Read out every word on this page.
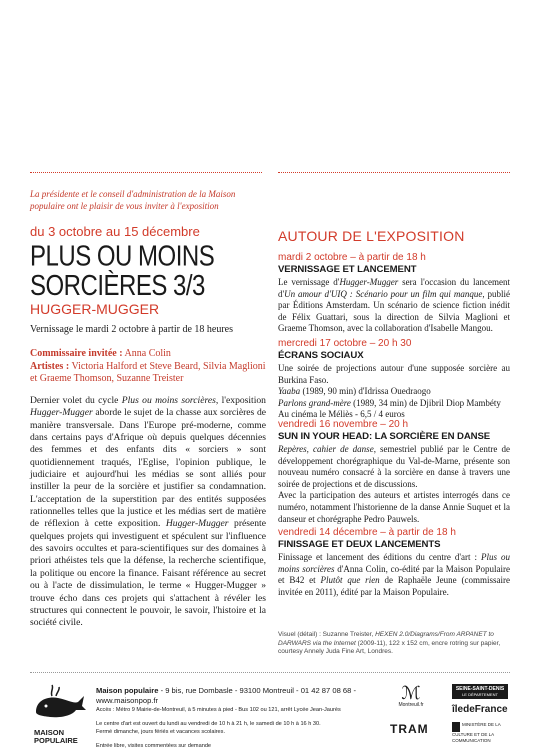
La présidente et le conseil d'administration de la Maison populaire ont le plaisir de vous inviter à l'exposition
du 3 octobre au 15 décembre
PLUS OU MOINS
SORCIÈRES 3/3
HUGGER-MUGGER
Vernissage le mardi 2 octobre à partir de 18 heures
Commissaire invitée : Anna Colin
Artistes : Victoria Halford et Steve Beard, Silvia Maglioni et Graeme Thomson, Suzanne Treister

Dernier volet du cycle Plus ou moins sorcières, l'exposition Hugger-Mugger aborde le sujet de la chasse aux sorcières de manière transversale. Dans l'Europe pré-moderne, comme dans certains pays d'Afrique où depuis quelques décennies des femmes et des enfants dits « sorciers » sont quotidiennement traqués, l'Eglise, l'opinion publique, le judiciaire et aujourd'hui les médias se sont alliés pour instiller la peur de la sorcière et justifier sa condamnation. L'acceptation de la superstition par des entités supposées rationnelles telles que la justice et les médias sert de matière de réflexion à cette exposition. Hugger-Mugger présente quelques projets qui investiguent et spéculent sur l'influence des savoirs occultes et para-scientifiques sur des domaines à priori athéistes tels que la défense, la recherche scientifique, la politique ou encore la finance. Faisant référence au secret ou à l'acte de dissimulation, le terme « Hugger-Mugger » trouve écho dans ces projets qui s'attachent à révéler les structures qui connectent le pouvoir, le savoir, l'histoire et la société civile.

AUTOUR DE L'EXPOSITION
mardi 2 octobre – à partir de 18 h
VERNISSAGE ET LANCEMENT
Le vernissage d'Hugger-Mugger sera l'occasion du lancement d'Un amour d'UIQ : Scénario pour un film qui manque, publié par Éditions Amsterdam. Un scénario de science fiction inédit de Félix Guattari, sous la direction de Silvia Maglioni et Graeme Thomson, avec la collaboration d'Isabelle Mangou.
mercredi 17 octobre – 20 h 30
ÉCRANS SOCIAUX
Une soirée de projections autour d'une supposée sorcière au Burkina Faso.
Yaaba (1989, 90 min) d'Idrissa Ouedraogo
Parlons grand-mère (1989, 34 min) de Djibril Diop Mambéty
Au cinéma le Méliès - 6,5 / 4 euros
vendredi 16 novembre – 20 h
SUN IN YOUR HEAD: LA SORCIÈRE EN DANSE
Repères, cahier de danse, semestriel publié par le Centre de développement chorégraphique du Val-de-Marne, présente son nouveau numéro consacré à la sorcière en danse à travers une soirée de projections et de discussions.
Avec la participation des auteurs et artistes interrogés dans ce numéro, notamment l'historienne de la danse Annie Suquet et la danseur et chorégraphe Pedro Pauwels.
vendredi 14 décembre – à partir de 18 h
FINISSAGE ET DEUX LANCEMENTS
Finissage et lancement des éditions du centre d'art : Plus ou moins sorcières d'Anna Colin, co-édité par la Maison Populaire et B42 et Plutôt que rien de Raphaële Jeune (commissaire invitée en 2011), édité par la Maison Populaire.
Visuel (détail) : Suzanne Treister, HEXEN 2.0/Diagrams/From ARPANET to DARWARS via the Internet (2009-11), 122 x 152 cm, encre rotring sur papier, courtesy Annely Juda Fine Art, Londres.
MAISON
POPULAIRE
Maison populaire - 9 bis, rue Dombasle - 93100 Montreuil - 01 42 87 08 68 - www.maisonpop.fr
Accès : Métro 9 Mairie-de-Montreuil, à 5 minutes à pied - Bus 102 ou 121, arrêt Lycée Jean-Jaurès
Le centre d'art est ouvert du lundi au vendredi de 10 h à 21 h, le samedi de 10 h à 16 h 30.
Fermé dimanche, jours fériés et vacances scolaires.
Entrée libre, visites commentées sur demande
ℳ
Montreuil.fr
SEINE-SAINT-DENIS
LE DÉPARTEMENT
îledeFrance
TRAM	MINISTÈRE DE LA CULTURE ET DE LA COMMUNICATION
